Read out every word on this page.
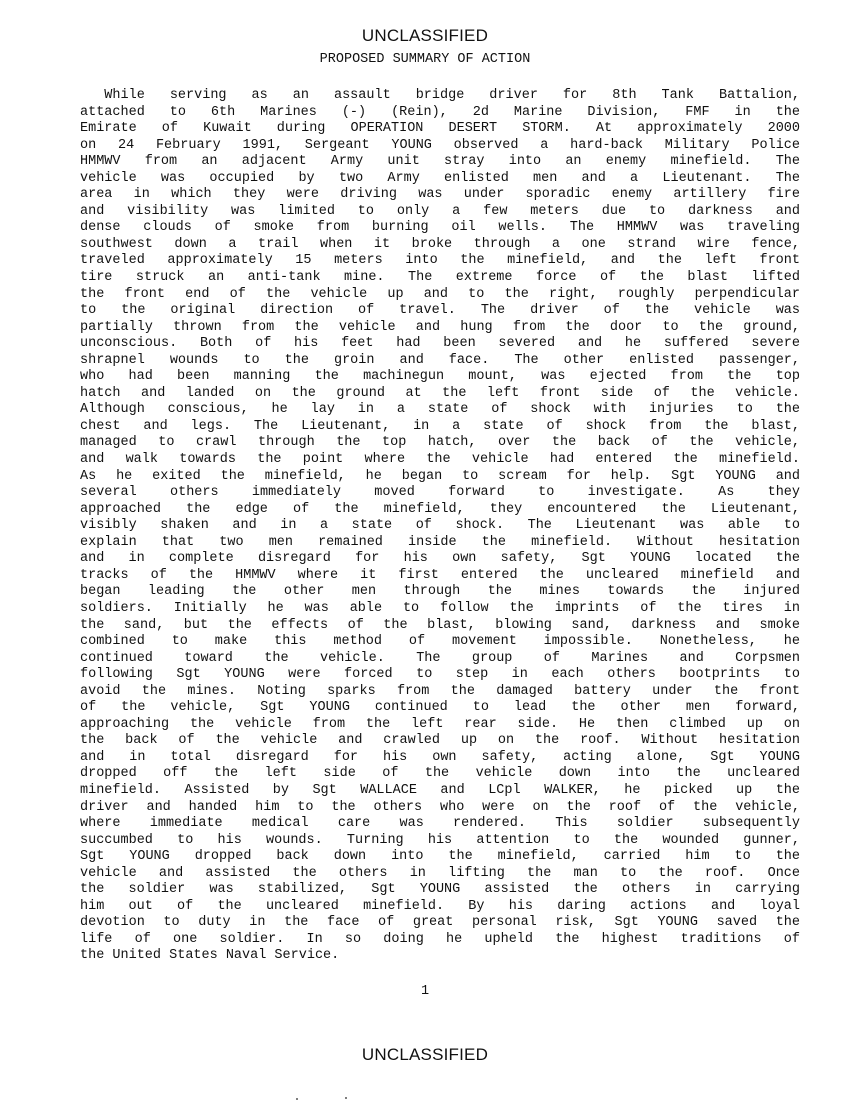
UNCLASSIFIED
PROPOSED SUMMARY OF ACTION
While serving as an assault bridge driver for 8th Tank Battalion,
attached to 6th Marines (-) (Rein), 2d Marine Division, FMF in the
Emirate of Kuwait during OPERATION DESERT STORM. At approximately 2000
on 24 February 1991, Sergeant YOUNG observed a hard-back Military Police
HMMWV from an adjacent Army unit stray into an enemy minefield. The
vehicle was occupied by two Army enlisted men and a Lieutenant. The
area in which they were driving was under sporadic enemy artillery fire
and visibility was limited to only a few meters due to darkness and
dense clouds of smoke from burning oil wells. The HMMWV was traveling
southwest down a trail when it broke through a one strand wire fence,
traveled approximately 15 meters into the minefield, and the left front
tire struck an anti-tank mine. The extreme force of the blast lifted
the front end of the vehicle up and to the right, roughly perpendicular
to the original direction of travel. The driver of the vehicle was
partially thrown from the vehicle and hung from the door to the ground,
unconscious. Both of his feet had been severed and he suffered severe
shrapnel wounds to the groin and face. The other enlisted passenger,
who had been manning the machinegun mount, was ejected from the top
hatch and landed on the ground at the left front side of the vehicle.
Although conscious, he lay in a state of shock with injuries to the
chest and legs. The Lieutenant, in a state of shock from the blast,
managed to crawl through the top hatch, over the back of the vehicle,
and walk towards the point where the vehicle had entered the minefield.
As he exited the minefield, he began to scream for help. Sgt YOUNG and
several others immediately moved forward to investigate. As they
approached the edge of the minefield, they encountered the Lieutenant,
visibly shaken and in a state of shock. The Lieutenant was able to
explain that two men remained inside the minefield. Without hesitation
and in complete disregard for his own safety, Sgt YOUNG located the
tracks of the HMMWV where it first entered the uncleared minefield and
began leading the other men through the mines towards the injured
soldiers. Initially he was able to follow the imprints of the tires in
the sand, but the effects of the blast, blowing sand, darkness and smoke
combined to make this method of movement impossible. Nonetheless, he
continued toward the vehicle. The group of Marines and Corpsmen
following Sgt YOUNG were forced to step in each others bootprints to
avoid the mines. Noting sparks from the damaged battery under the front
of the vehicle, Sgt YOUNG continued to lead the other men forward,
approaching the vehicle from the left rear side. He then climbed up on
the back of the vehicle and crawled up on the roof. Without hesitation
and in total disregard for his own safety, acting alone, Sgt YOUNG
dropped off the left side of the vehicle down into the uncleared
minefield. Assisted by Sgt WALLACE and LCpl WALKER, he picked up the
driver and handed him to the others who were on the roof of the vehicle,
where immediate medical care was rendered. This soldier subsequently
succumbed to his wounds. Turning his attention to the wounded gunner,
Sgt YOUNG dropped back down into the minefield, carried him to the
vehicle and assisted the others in lifting the man to the roof. Once
the soldier was stabilized, Sgt YOUNG assisted the others in carrying
him out of the uncleared minefield. By his daring actions and loyal
devotion to duty in the face of great personal risk, Sgt YOUNG saved the
life of one soldier. In so doing he upheld the highest traditions of
the United States Naval Service.
1
UNCLASSIFIED
